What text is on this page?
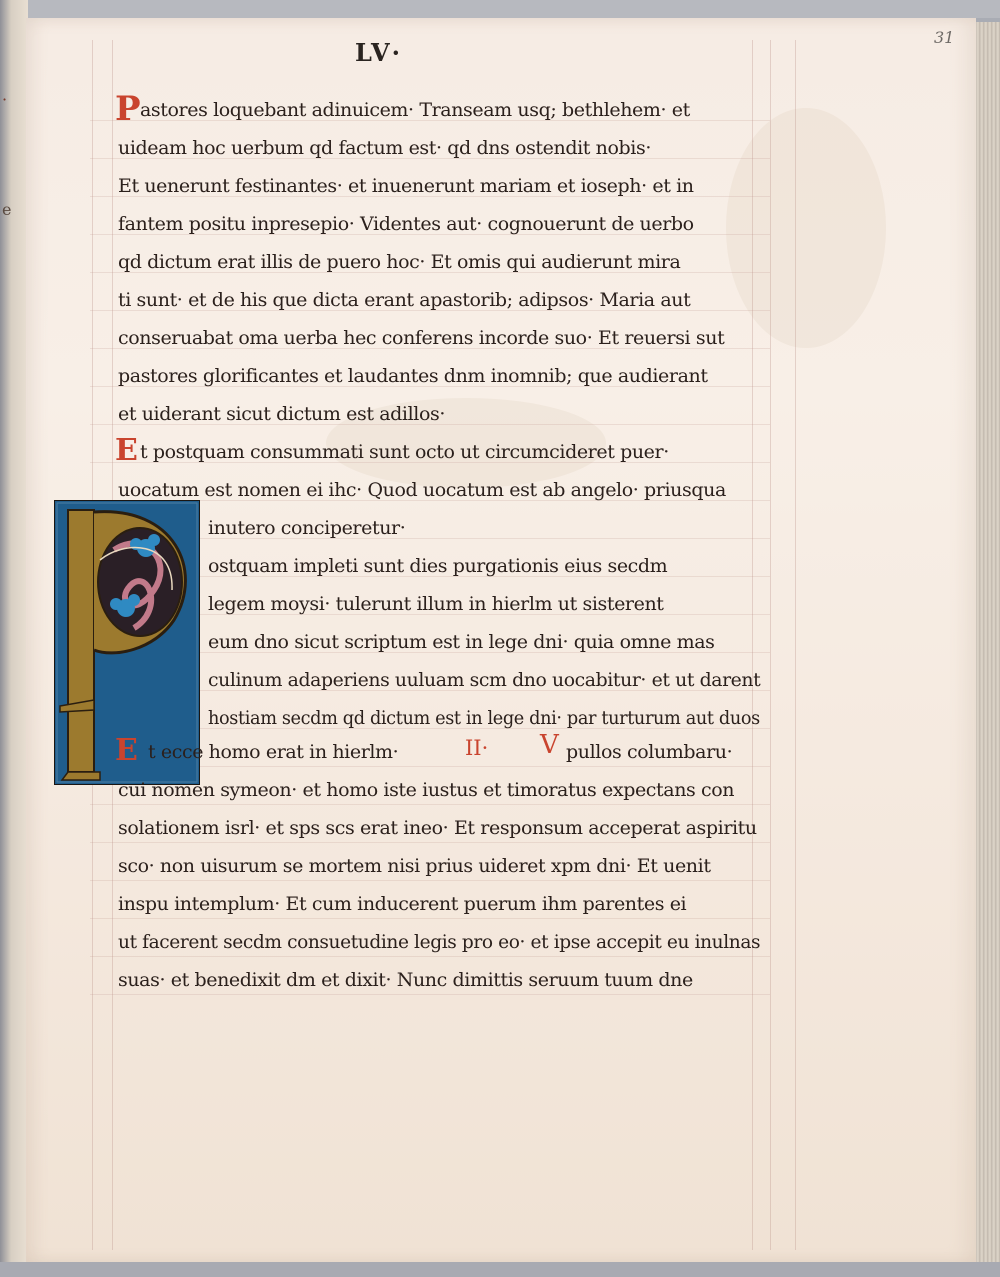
·
e
31
LV·
P
E
E	V
II·
astores loquebant adinuicem· Transeam usq; bethlehem· et
uideam hoc uerbum qd factum est· qd dns ostendit nobis·
Et uenerunt festinantes· et inuenerunt mariam et ioseph· et in
fantem positu inpresepio· Videntes aut· cognouerunt de uerbo
qd dictum erat illis de puero hoc· Et omis qui audierunt mira
ti sunt· et de his que dicta erant apastorib; adipsos· Maria aut
conseruabat oma uerba hec conferens incorde suo· Et reuersi sut
pastores glorificantes et laudantes dnm inomnib; que audierant
et uiderant sicut dictum est adillos·
t postquam consummati sunt octo ut circumcideret puer·
uocatum est nomen ei ihc· Quod uocatum est ab angelo· priusqua
inutero conciperetur·
ostquam impleti sunt dies purgationis eius secdm
legem moysi· tulerunt illum in hierlm ut sisterent
eum dno sicut scriptum est in lege dni· quia omne mas
culinum adaperiens uuluam scm dno uocabitur· et ut darent
hostiam secdm qd dictum est in lege dni· par turturum aut duos
t ecce homo erat in hierlm·	pullos columbaru·
cui nomen symeon· et homo iste iustus et timoratus expectans con
solationem isrl· et sps scs erat ineo· Et responsum acceperat aspiritu
sco· non uisurum se mortem nisi prius uideret xpm dni· Et uenit
inspu intemplum· Et cum inducerent puerum ihm parentes ei
ut facerent secdm consuetudine legis pro eo· et ipse accepit eu inulnas
suas· et benedixit dm et dixit· Nunc dimittis seruum tuum dne
